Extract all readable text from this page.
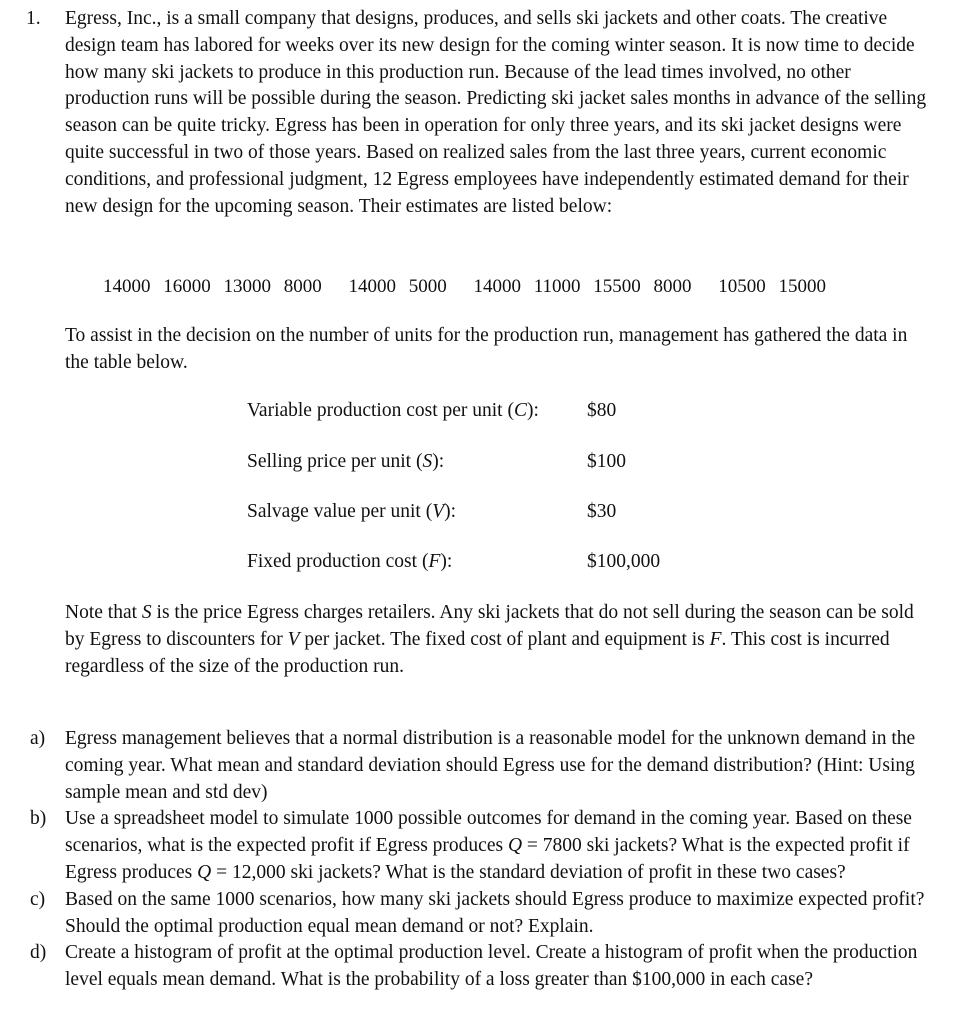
1. Egress, Inc., is a small company that designs, produces, and sells ski jackets and other coats. The creative design team has labored for weeks over its new design for the coming winter season. It is now time to decide how many ski jackets to produce in this production run. Because of the lead times involved, no other production runs will be possible during the season. Predicting ski jacket sales months in advance of the selling season can be quite tricky. Egress has been in operation for only three years, and its ski jacket designs were quite successful in two of those years. Based on realized sales from the last three years, current economic conditions, and professional judgment, 12 Egress employees have independently estimated demand for their new design for the upcoming season. Their estimates are listed below:
14000 16000 13000 8000 14000 5000 14000 11000 15500 8000 10500 15000
To assist in the decision on the number of units for the production run, management has gathered the data in the table below.
Variable production cost per unit (C): $80
Selling price per unit (S):	$100
Salvage value per unit (V):	$30
Fixed production cost (F):	$100,000
Note that S is the price Egress charges retailers. Any ski jackets that do not sell during the season can be sold by Egress to discounters for V per jacket. The fixed cost of plant and equipment is F. This cost is incurred regardless of the size of the production run.

a) Egress management believes that a normal distribution is a reasonable model for the unknown demand in the coming year. What mean and standard deviation should Egress use for the demand distribution? (Hint: Using sample mean and std dev)

b) Use a spreadsheet model to simulate 1000 possible outcomes for demand in the coming year. Based on these scenarios, what is the expected profit if Egress produces Q = 7800 ski jackets? What is the expected profit if Egress produces Q = 12,000 ski jackets? What is the standard deviation of profit in these two cases?

c) Based on the same 1000 scenarios, how many ski jackets should Egress produce to maximize expected profit? Should the optimal production equal mean demand or not? Explain.

d) Create a histogram of profit at the optimal production level. Create a histogram of profit when the production level equals mean demand. What is the probability of a loss greater than $100,000 in each case?
